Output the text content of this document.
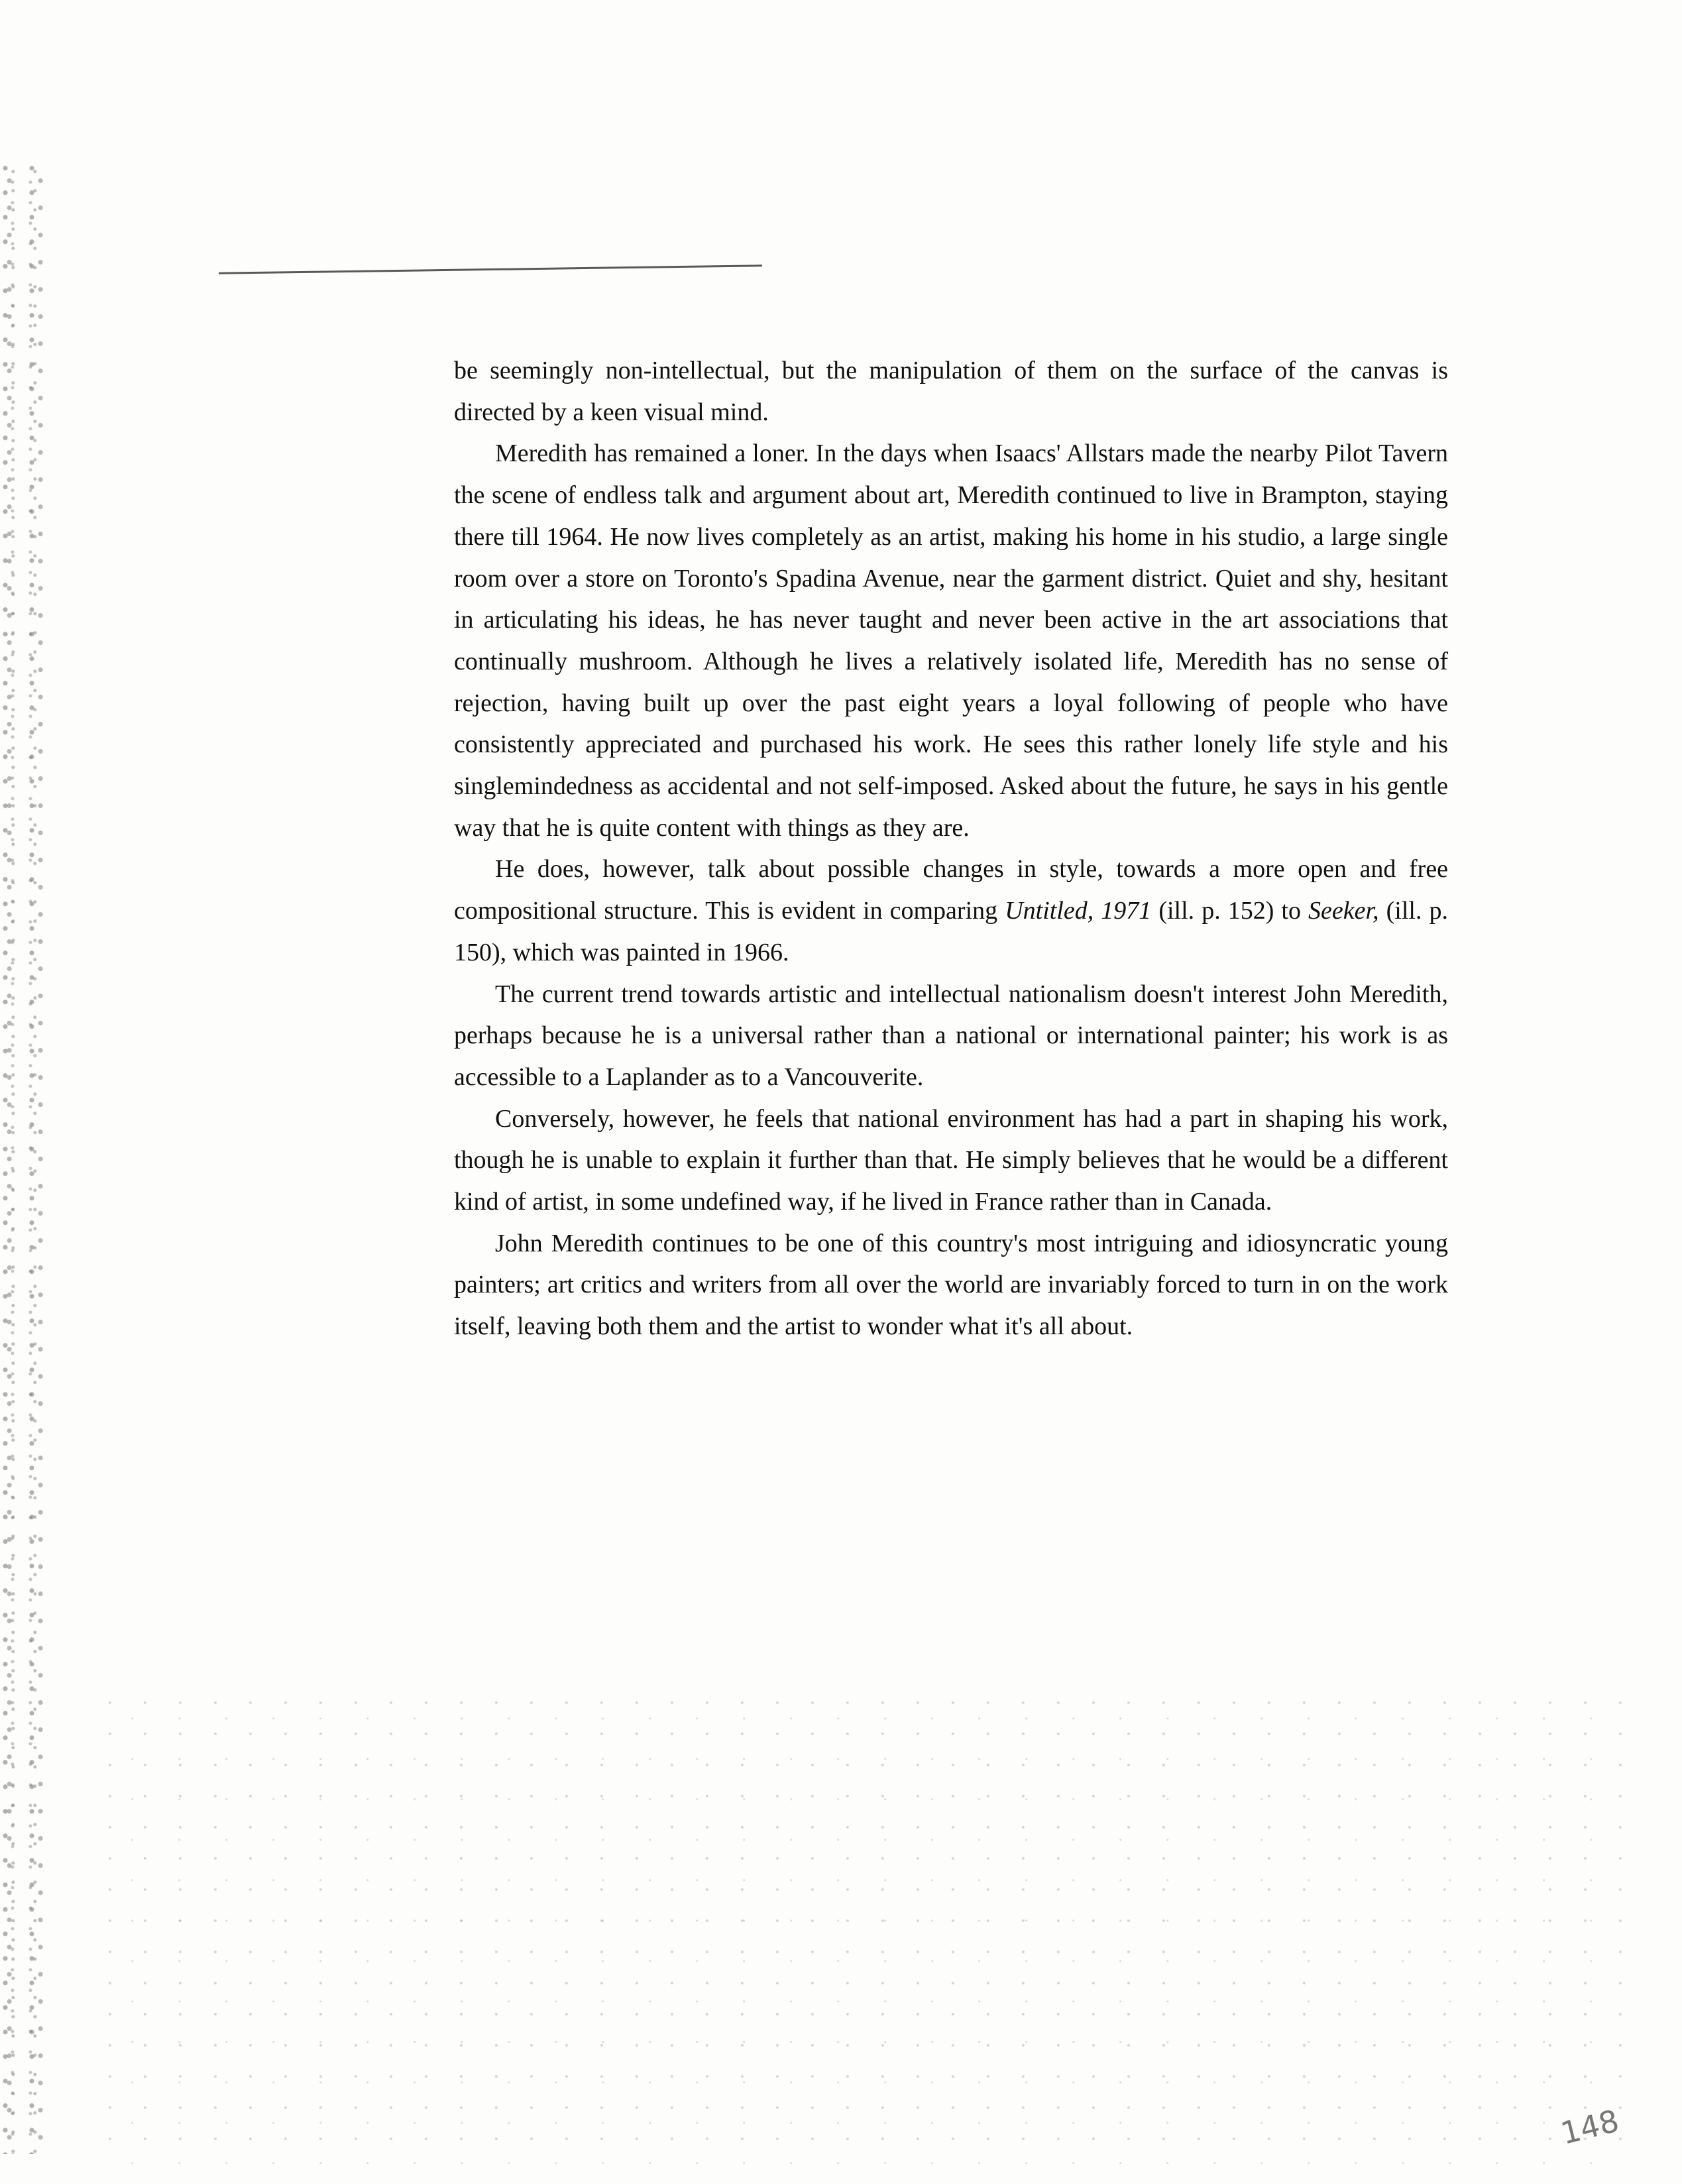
be seemingly non-intellectual, but the manipulation of them on the surface of the canvas is directed by a keen visual mind.

Meredith has remained a loner. In the days when Isaacs' Allstars made the nearby Pilot Tavern the scene of endless talk and argument about art, Meredith continued to live in Brampton, staying there till 1964. He now lives completely as an artist, making his home in his studio, a large single room over a store on Toronto's Spadina Avenue, near the garment district. Quiet and shy, hesitant in articulating his ideas, he has never taught and never been active in the art associations that continually mushroom. Although he lives a relatively isolated life, Meredith has no sense of rejection, having built up over the past eight years a loyal following of people who have consistently appreciated and purchased his work. He sees this rather lonely life style and his singlemindedness as accidental and not self-imposed. Asked about the future, he says in his gentle way that he is quite content with things as they are.

He does, however, talk about possible changes in style, towards a more open and free compositional structure. This is evident in comparing Untitled, 1971 (ill. p. 152) to Seeker, (ill. p. 150), which was painted in 1966.

The current trend towards artistic and intellectual nationalism doesn't interest John Meredith, perhaps because he is a universal rather than a national or international painter; his work is as accessible to a Laplander as to a Vancouverite.

Conversely, however, he feels that national environment has had a part in shaping his work, though he is unable to explain it further than that. He simply believes that he would be a different kind of artist, in some undefined way, if he lived in France rather than in Canada.

John Meredith continues to be one of this country's most intriguing and idiosyncratic young painters; art critics and writers from all over the world are invariably forced to turn in on the work itself, leaving both them and the artist to wonder what it's all about.

148
